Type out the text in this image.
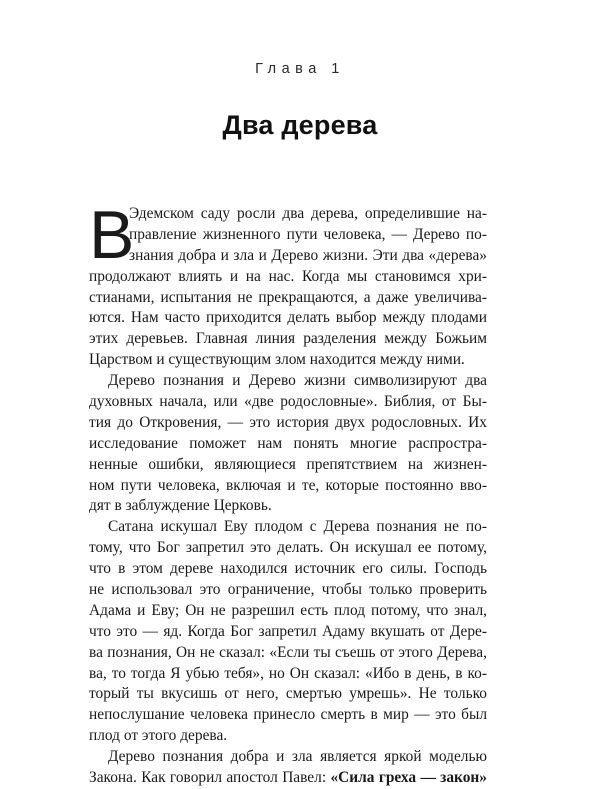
Глава 1
Два дерева
В
Эдемском саду росли два дерева, определившие на-
правление жизненного пути человека, — Дерево по-
знания добра и зла и Дерево жизни. Эти два «дерева»
продолжают влиять и на нас. Когда мы становимся хри-
стианами, испытания не прекращаются, а даже увеличива-
ются. Нам часто приходится делать выбор между плодами
этих деревьев. Главная линия разделения между Божьим
Царством и существующим злом находится между ними.
Дерево познания и Дерево жизни символизируют два
духовных начала, или «две родословные». Библия, от Бы-
тия до Откровения, — это история двух родословных. Их
исследование поможет нам понять многие распростра-
ненные ошибки, являющиеся препятствием на жизнен-
ном пути человека, включая и те, которые постоянно вво-
дят в заблуждение Церковь.
Сатана искушал Еву плодом с Дерева познания не по-
тому, что Бог запретил это делать. Он искушал ее потому,
что в этом дереве находился источник его силы. Господь
не использовал это ограничение, чтобы только проверить
Адама и Еву; Он не разрешил есть плод потому, что знал,
что это — яд. Когда Бог запретил Адаму вкушать от Дере-
ва познания, Он не сказал: «Если ты съешь от этого Дерева,
ва, то тогда Я убью тебя», но Он сказал: «Ибо в день, в ко-
торый ты вкусишь от него, смертью умрешь». Не только
непослушание человека принесло смерть в мир — это был
плод от этого дерева.
Дерево познания добра и зла является яркой моделью
Закона. Как говорил апостол Павел: «Сила греха — закон»
